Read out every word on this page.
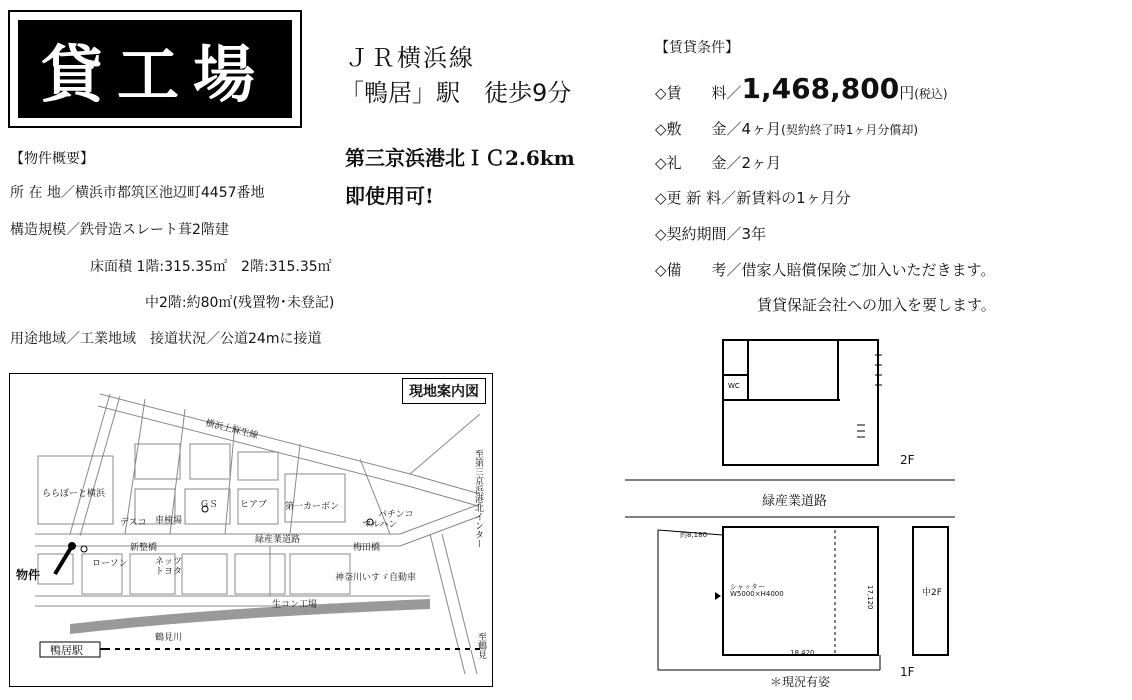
貸工場	ＪＲ横浜線
「鴨居」駅　徒歩9分
第三京浜港北ＩＣ2.6km
即使用可!
【物件概要】
所 在 地／横浜市都筑区池辺町4457番地
構造規模／鉄骨造スレート葺2階建
床面積 1階:315.35㎡　2階:315.35㎡
中2階:約80㎡(残置物･未登記)
用途地域／工業地域　接道状況／公道24mに接道
【賃貸条件】
◇賃　　料／1,468,800円(税込)
◇敷　　金／4ヶ月(契約終了時1ヶ月分償却)
◇礼　　金／2ヶ月
◇更 新 料／新賃料の1ヶ月分
◇契約期間／3年
◇備　　考／借家人賠償保険ご加入いただきます。
賃貸保証会社への加入を要します。
現地案内図
横浜上麻生線
ららぽーと横浜
ＧＳ ヒアブ 第一カーボン
パチンコ
マルハン
デスコ 車検場
新整橋
緑産業道路
梅田橋
ローソン	ネッツ
トヨタ
神奈川いすゞ自動車
生コン工場
鶴見川
物件
鴨居駅
至第三京浜港北インター
至鶴見
WC
2F
緑産業道路
約8,180
シャッター
W5000×H4000
18,420
17,120	中2F
1F
＊現況有姿
